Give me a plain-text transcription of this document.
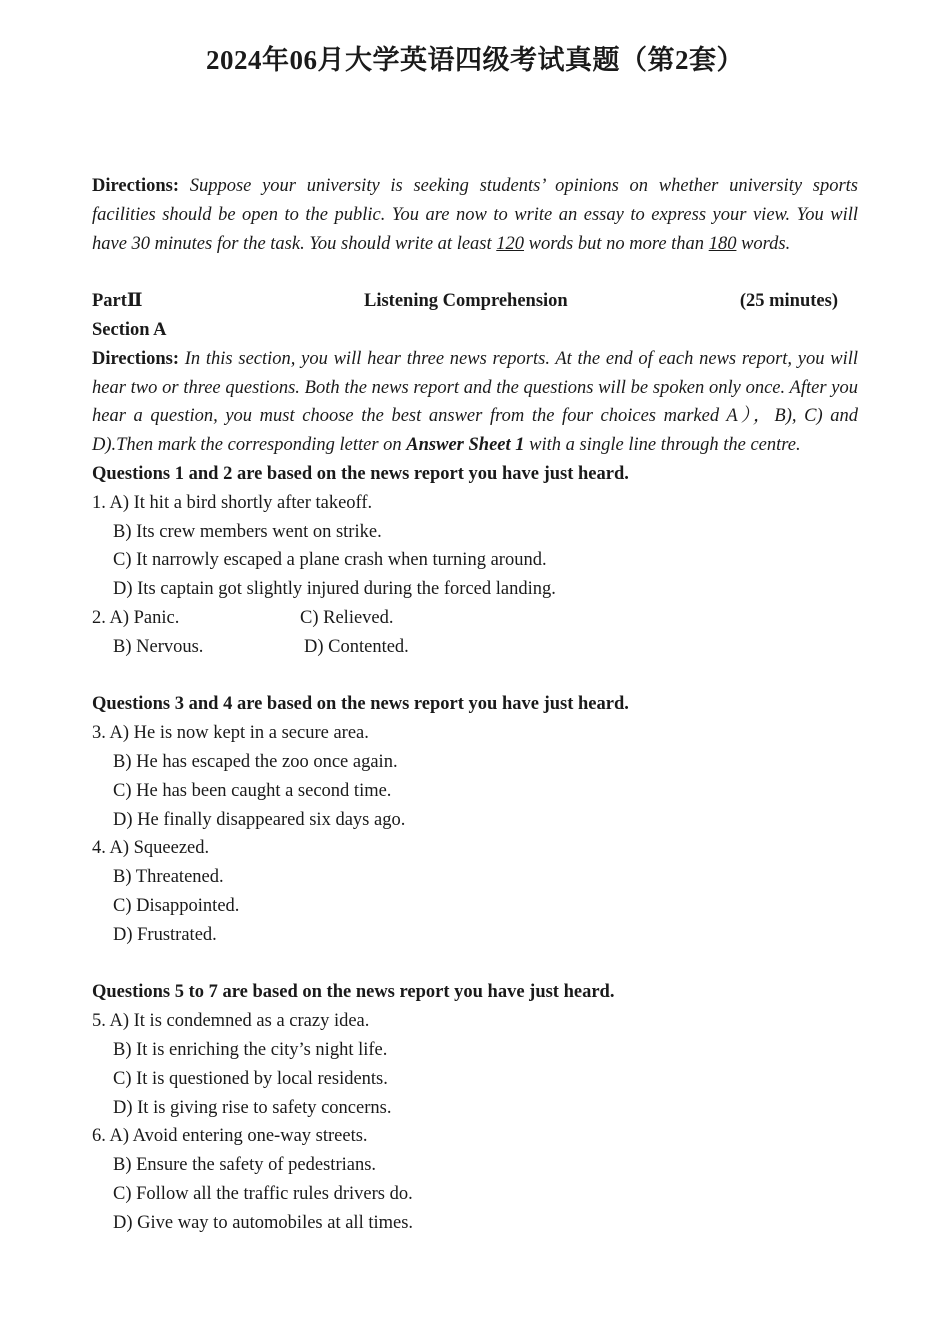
2024年06月大学英语四级考试真题（第2套）
Directions: Suppose your university is seeking students’ opinions on whether university sports facilities should be open to the public. You are now to write an essay to express your view. You will have 30 minutes for the task. You should write at least 120 words but no more than 180 words.
PartⅡ	Listening Comprehension	(25 minutes)
Section A
Directions: In this section, you will hear three news reports. At the end of each news report, you will hear two or three questions. Both the news report and the questions will be spoken only once. After you hear a question, you must choose the best answer from the four choices marked A），B), C) and D).Then mark the corresponding letter on Answer Sheet 1 with a single line through the centre.
Questions 1 and 2 are based on the news report you have just heard.
1. A) It hit a bird shortly after takeoff.
B) Its crew members went on strike.
C) It narrowly escaped a plane crash when turning around.
D) Its captain got slightly injured during the forced landing.
2. A) Panic.	C) Relieved.
B) Nervous.	D) Contented.
Questions 3 and 4 are based on the news report you have just heard.
3. A) He is now kept in a secure area.
B) He has escaped the zoo once again.
C) He has been caught a second time.
D) He finally disappeared six days ago.
4. A) Squeezed.
B) Threatened.
C) Disappointed.
D) Frustrated.
Questions 5 to 7 are based on the news report you have just heard.
5. A) It is condemned as a crazy idea.
B) It is enriching the city’s night life.
C) It is questioned by local residents.
D) It is giving rise to safety concerns.
6. A) Avoid entering one-way streets.
B) Ensure the safety of pedestrians.
C) Follow all the traffic rules drivers do.
D) Give way to automobiles at all times.
